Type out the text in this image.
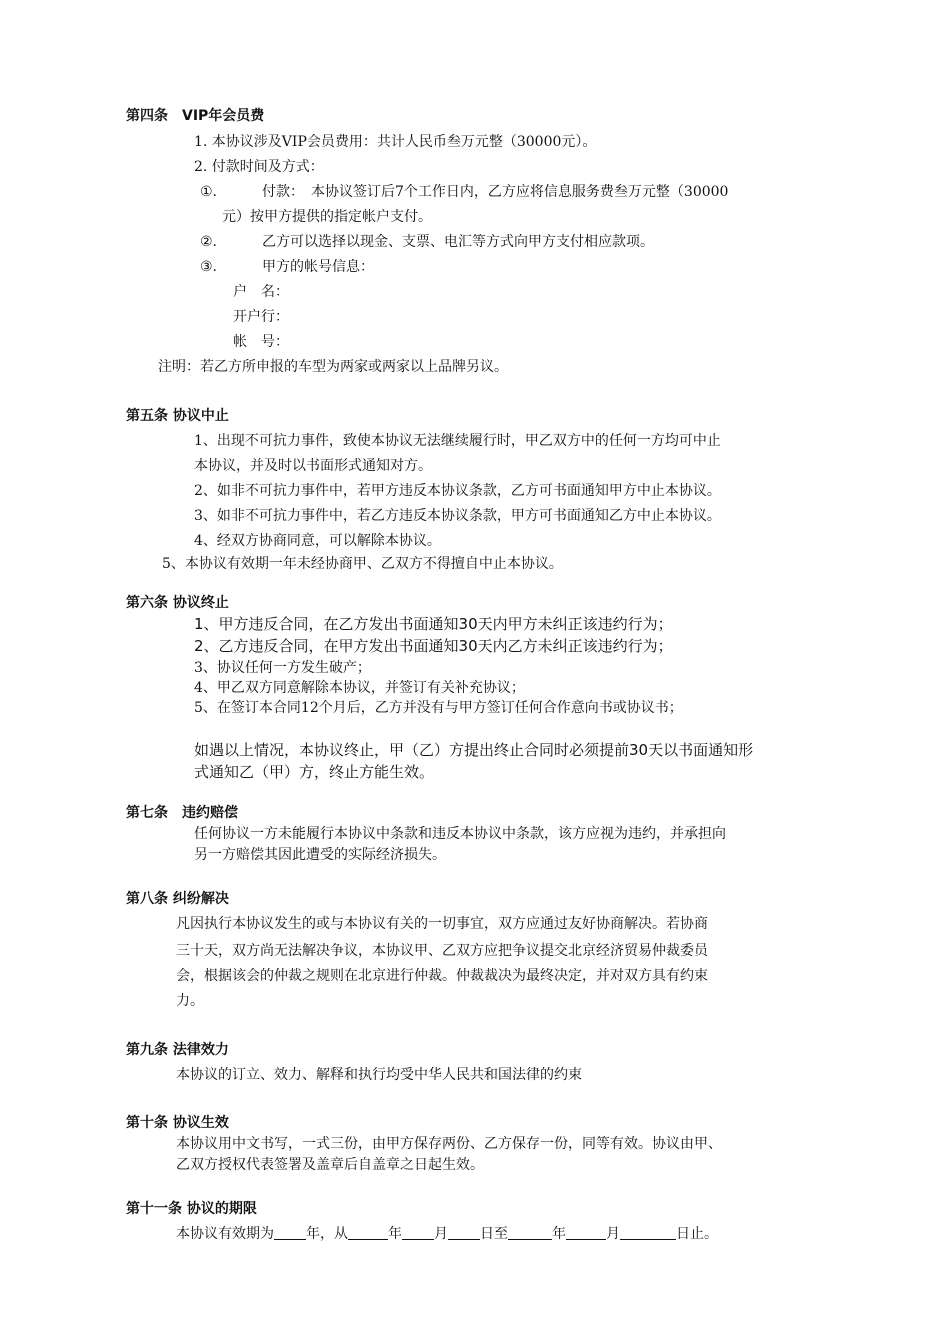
第四条　VIP年会员费
1. 本协议涉及VIP会员费用：共计人民币叁万元整（30000元）。
2. 付款时间及方式：
①.	付款：　本协议签订后7个工作日内，乙方应将信息服务费叁万元整（30000
元）按甲方提供的指定帐户支付。
②.	乙方可以选择以现金、支票、电汇等方式向甲方支付相应款项。
③.	甲方的帐号信息：
户　名：
开户行：
帐　号：
注明：若乙方所申报的车型为两家或两家以上品牌另议。
第五条 协议中止
1、出现不可抗力事件，致使本协议无法继续履行时，甲乙双方中的任何一方均可中止
本协议，并及时以书面形式通知对方。
2、如非不可抗力事件中，若甲方违反本协议条款，乙方可书面通知甲方中止本协议。
3、如非不可抗力事件中，若乙方违反本协议条款，甲方可书面通知乙方中止本协议。
4、经双方协商同意，可以解除本协议。
5、本协议有效期一年未经协商甲、乙双方不得擅自中止本协议。
第六条 协议终止
1、甲方违反合同，在乙方发出书面通知30天内甲方未纠正该违约行为；
2、乙方违反合同，在甲方发出书面通知30天内乙方未纠正该违约行为；
3、协议任何一方发生破产；
4、甲乙双方同意解除本协议，并签订有关补充协议；
5、在签订本合同12个月后，乙方并没有与甲方签订任何合作意向书或协议书；
如遇以上情况，本协议终止，甲（乙）方提出终止合同时必须提前30天以书面通知形
式通知乙（甲）方，终止方能生效。
第七条　违约赔偿
任何协议一方未能履行本协议中条款和违反本协议中条款，该方应视为违约，并承担向
另一方赔偿其因此遭受的实际经济损失。
第八条 纠纷解决
凡因执行本协议发生的或与本协议有关的一切事宜，双方应通过友好协商解决。若协商
三十天，双方尚无法解决争议，本协议甲、乙双方应把争议提交北京经济贸易仲裁委员
会，根据该会的仲裁之规则在北京进行仲裁。仲裁裁决为最终决定，并对双方具有约束
力。
第九条 法律效力
本协议的订立、效力、解释和执行均受中华人民共和国法律的约束
第十条 协议生效
本协议用中文书写，一式三份，由甲方保存两份、乙方保存一份，同等有效。协议由甲、
乙双方授权代表签署及盖章后自盖章之日起生效。
第十一条 协议的期限
本协议有效期为 年，从	年 月 日至	年	月	日止。
